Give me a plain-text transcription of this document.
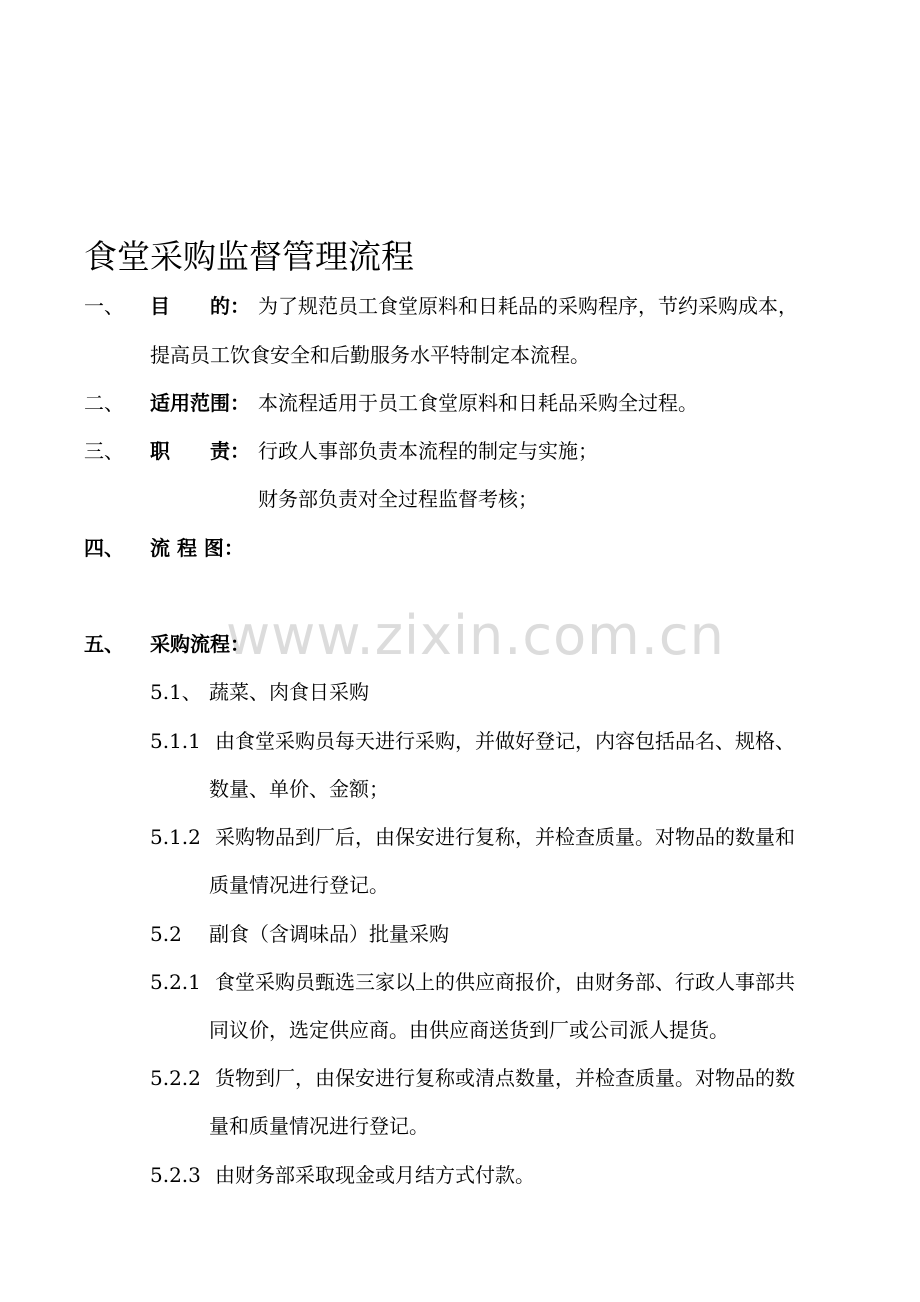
www.zixin.com.cn
食堂采购监督管理流程
一、 目　　的： 为了规范员工食堂原料和日耗品的采购程序，节约采购成本，
提高员工饮食安全和后勤服务水平特制定本流程。
二、 适用范围： 本流程适用于员工食堂原料和日耗品采购全过程。
三、 职　　责： 行政人事部负责本流程的制定与实施；
财务部负责对全过程监督考核；
四、 流 程 图：
五、 采购流程：
5.1、 蔬菜、肉食日采购
5.1.1 由食堂采购员每天进行采购，并做好登记，内容包括品名、规格、
数量、单价、金额；
5.1.2 采购物品到厂后，由保安进行复称，并检查质量。对物品的数量和
质量情况进行登记。
5.2 副食（含调味品）批量采购
5.2.1 食堂采购员甄选三家以上的供应商报价，由财务部、行政人事部共
同议价，选定供应商。由供应商送货到厂或公司派人提货。
5.2.2 货物到厂，由保安进行复称或清点数量，并检查质量。对物品的数
量和质量情况进行登记。
5.2.3 由财务部采取现金或月结方式付款。
